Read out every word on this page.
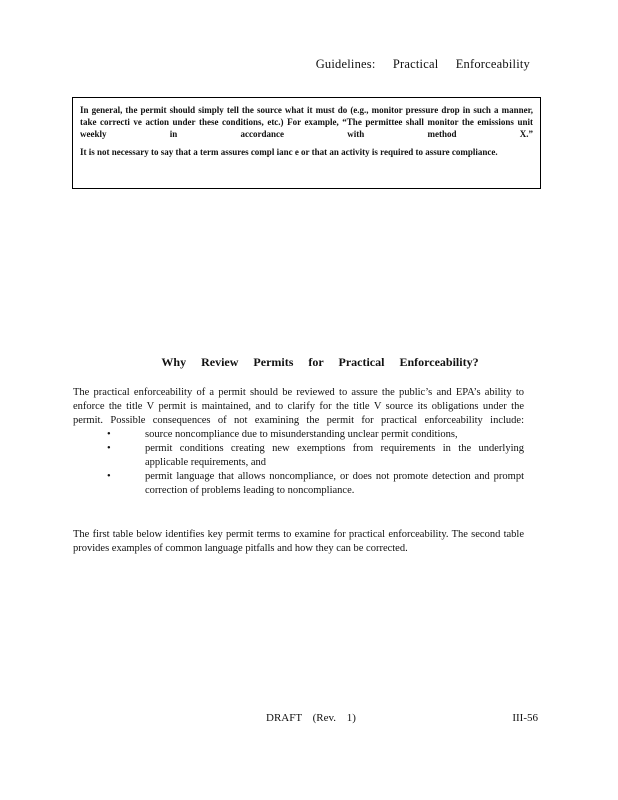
Guidelines: Practical Enforceability

In general, the permit should simply tell the source what it must do (e.g., monitor pressure drop in such a manner, take correcti ve action under these conditions, etc.) For example, “The permittee shall monitor the emissions unit weekly in accordance with method X.”

It is not necessary to say that a term assures compl ianc e or that an activity is required to assure compliance.

Why Review Permits for Practical Enforceability?
The practical enforceability of a permit should be reviewed to assure the public’s and EPA’s ability to enforce the title V permit is maintained, and to clarify for the title V source its obligations under the permit. Possible consequences of not examining the permit for practical enforceability include:
•	source noncompliance due to misunderstanding unclear permit conditions,
•	permit conditions creating new exemptions from requirements in the underlying applicable requirements, and
•	permit language that allows noncompliance, or does not promote detection and prompt correction of problems leading to noncompliance.
The first table below identifies key permit terms to examine for practical enforceability. The second table provides examples of common language pitfalls and how they can be corrected.
DRAFT (Rev. 1)	III-56
